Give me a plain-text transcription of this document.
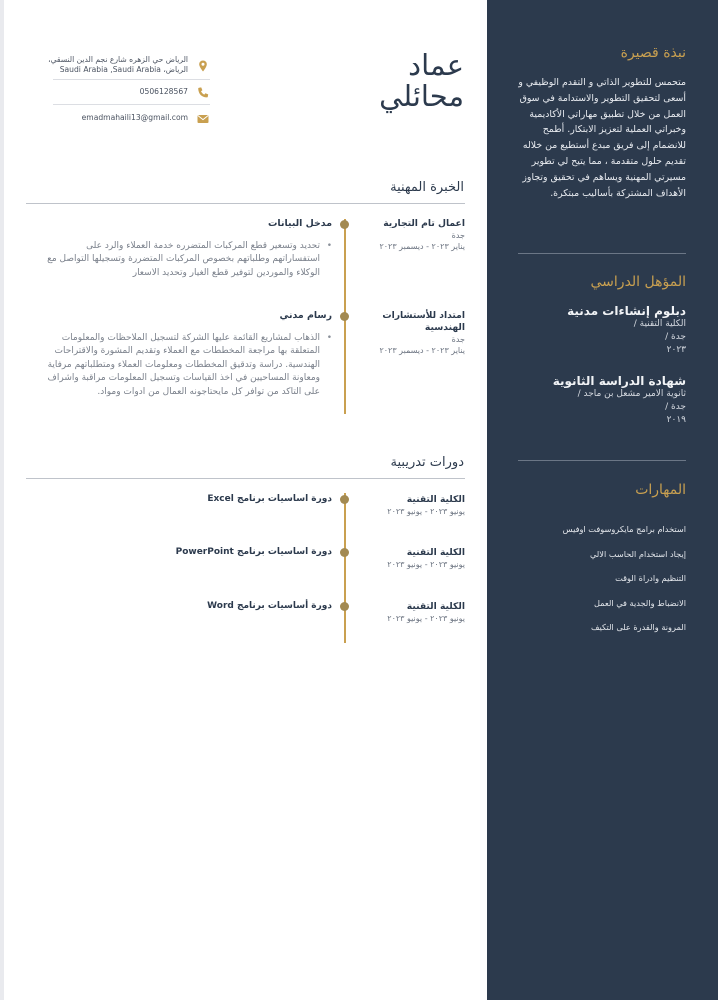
عماد
محائلي
الرياض حي الزهره شارع نجم الدين النسقي، الرياض، Saudi Arabia ,Saudi Arabia
0506128567
emadmahaili13@gmail.com
الخبرة المهنية
اعمال تام التجارية
جدة
يناير ٢٠٢٣ - ديسمبر ٢٠٢٣
مدخل البيانات
• تحديد وتسعير قطع المركبات المتضرره خدمة العملاء والرد على استفساراتهم وطلباتهم بخصوص المركبات المتضررة وتسجيلها التواصل مع الوكلاء والموردين لتوفير قطع الغيار وتحديد الاسعار
امتداد للأستشارات الهندسية
جدة
يناير ٢٠٢٣ - ديسمبر ٢٠٢٣
رسام مدني
• الذهاب لمشاريع القائمة عليها الشركة لتسجيل الملاحظات والمعلومات المتعلقة بها مراجعة المخططات مع العملاء وتقديم المشورة والاقتراحات الهندسية. دراسة وتدقيق المخططات ومعلومات العملاء ومتطلباتهم مرفاية ومعاونة المساحيين في اخذ القياسات وتسجيل المعلومات مراقبة واشراف على التاكد من توافر كل مايحتاجونه العمال من ادوات ومواد.
دورات تدريبية
الكلية التقنية
يونيو ٢٠٢٣ - يونيو ٢٠٢٣
دورة اساسيات برنامج Excel
الكلية التقنية
يونيو ٢٠٢٣ - يونيو ٢٠٢٣
دورة اساسيات برنامج PowerPoint
الكلية التقنية
يونيو ٢٠٢٣ - يونيو ٢٠٢٣
دورة أساسيات برنامج Word
نبذة قصيرة
متحمس للتطوير الذاتي و التقدم الوظيفي و أسعى لتحقيق التطوير والاستدامة في سوق العمل من خلال تطبيق مهاراتي الأكاديمية وخبراتي العملية لتعزيز الابتكار. أطمح للانضمام إلى فريق مبدع أستطيع من خلاله تقديم حلول متقدمة ، مما يتيح لي تطوير مسيرتي المهنية ويساهم في تحقيق وتجاوز الأهداف المشتركة بأساليب مبتكرة.
المؤهل الدراسي
دبلوم إنشاءات مدنية
الكلية التقنية /
جدة /
٢٠٢٣
شهادة الدراسة الثانوية
ثانوية الامير مشعل بن ماجد /
جدة /
٢٠١٩
المهارات
استخدام برامج مايكروسوفت اوفيس
إيجاد استخدام الحاسب الالي
التنظيم وادراة الوقت
الانضباط والجدية في العمل
المرونة والقدرة على التكيف
